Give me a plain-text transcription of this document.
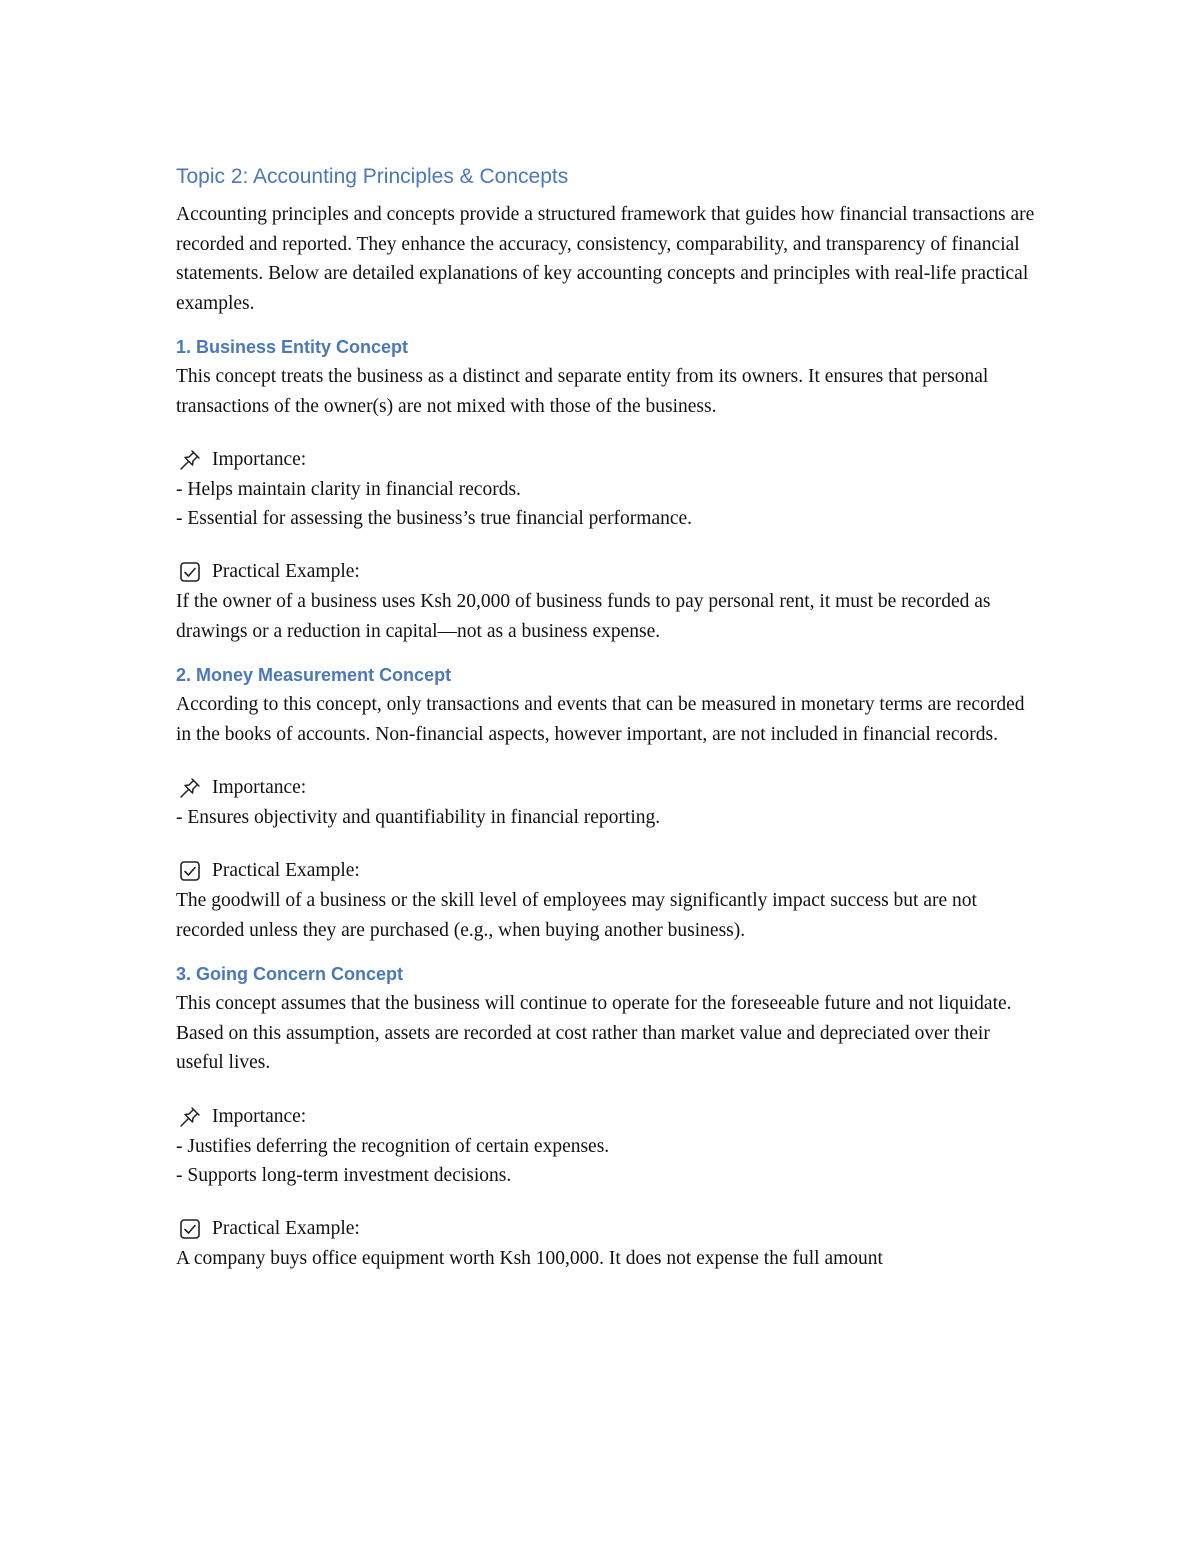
Topic 2: Accounting Principles & Concepts

Accounting principles and concepts provide a structured framework that guides how financial transactions are recorded and reported. They enhance the accuracy, consistency, comparability, and transparency of financial statements. Below are detailed explanations of key accounting concepts and principles with real-life practical examples.

1. Business Entity Concept

This concept treats the business as a distinct and separate entity from its owners. It ensures that personal transactions of the owner(s) are not mixed with those of the business.

Importance:

- Helps maintain clarity in financial records.

- Essential for assessing the business’s true financial performance.

Practical Example:

If the owner of a business uses Ksh 20,000 of business funds to pay personal rent, it must be recorded as drawings or a reduction in capital—not as a business expense.

2. Money Measurement Concept

According to this concept, only transactions and events that can be measured in monetary terms are recorded in the books of accounts. Non-financial aspects, however important, are not included in financial records.

Importance:

- Ensures objectivity and quantifiability in financial reporting.

Practical Example:

The goodwill of a business or the skill level of employees may significantly impact success but are not recorded unless they are purchased (e.g., when buying another business).

3. Going Concern Concept

This concept assumes that the business will continue to operate for the foreseeable future and not liquidate. Based on this assumption, assets are recorded at cost rather than market value and depreciated over their useful lives.

Importance:

- Justifies deferring the recognition of certain expenses.

- Supports long-term investment decisions.

Practical Example:

A company buys office equipment worth Ksh 100,000. It does not expense the full amount
